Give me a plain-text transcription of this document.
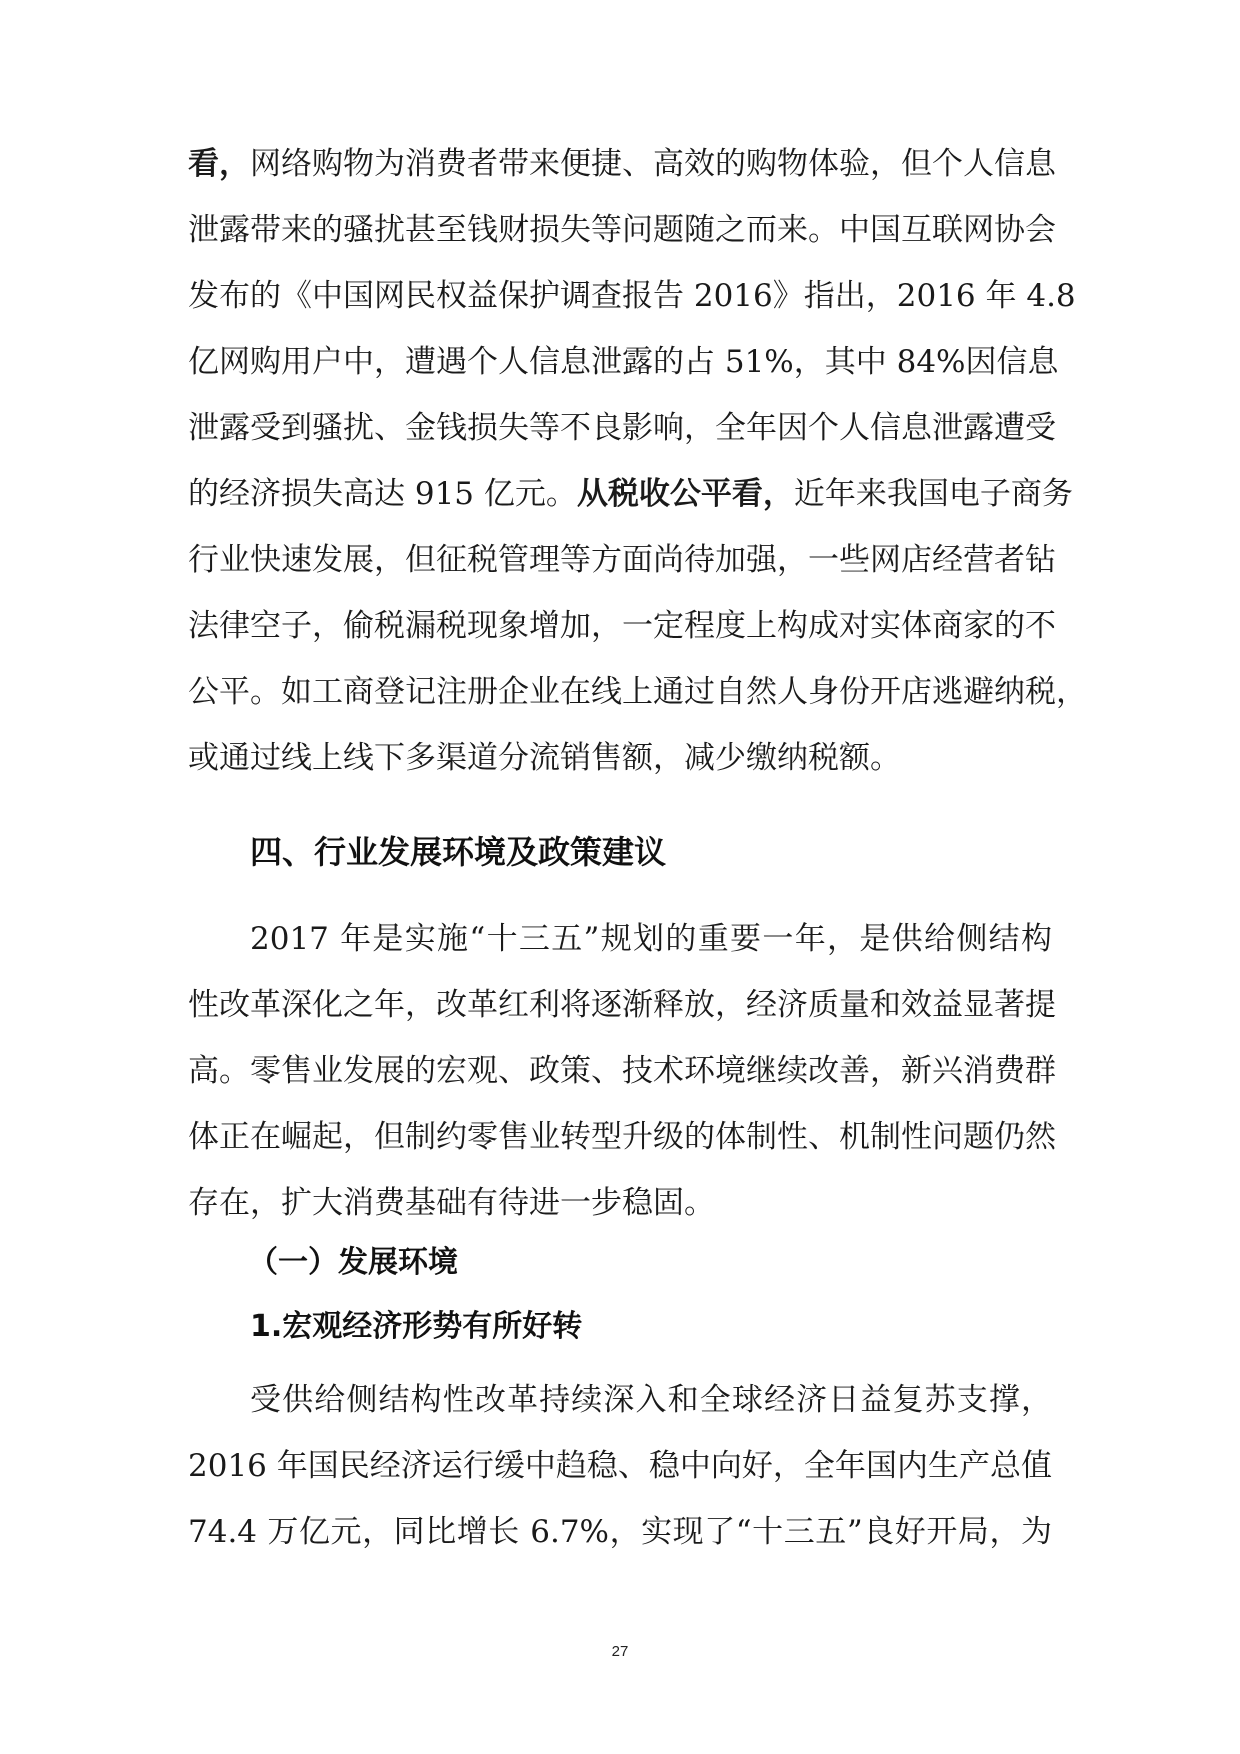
看，网络购物为消费者带来便捷、高效的购物体验，但个人信息
泄露带来的骚扰甚至钱财损失等问题随之而来。中国互联网协会
发布的《中国网民权益保护调查报告 2016》指出，2016 年 4.8
亿网购用户中，遭遇个人信息泄露的占 51%，其中 84%因信息
泄露受到骚扰、金钱损失等不良影响，全年因个人信息泄露遭受
的经济损失高达 915 亿元。从税收公平看，近年来我国电子商务
行业快速发展，但征税管理等方面尚待加强，一些网店经营者钻
法律空子，偷税漏税现象增加，一定程度上构成对实体商家的不
公平。如工商登记注册企业在线上通过自然人身份开店逃避纳税，
或通过线上线下多渠道分流销售额，减少缴纳税额。
四、行业发展环境及政策建议
2017 年是实施“十三五”规划的重要一年，是供给侧结构
性改革深化之年，改革红利将逐渐释放，经济质量和效益显著提
高。零售业发展的宏观、政策、技术环境继续改善，新兴消费群
体正在崛起，但制约零售业转型升级的体制性、机制性问题仍然
存在，扩大消费基础有待进一步稳固。
（一）发展环境
1.宏观经济形势有所好转
受供给侧结构性改革持续深入和全球经济日益复苏支撑，
2016 年国民经济运行缓中趋稳、稳中向好，全年国内生产总值
74.4 万亿元，同比增长 6.7%，实现了“十三五”良好开局，为
27
